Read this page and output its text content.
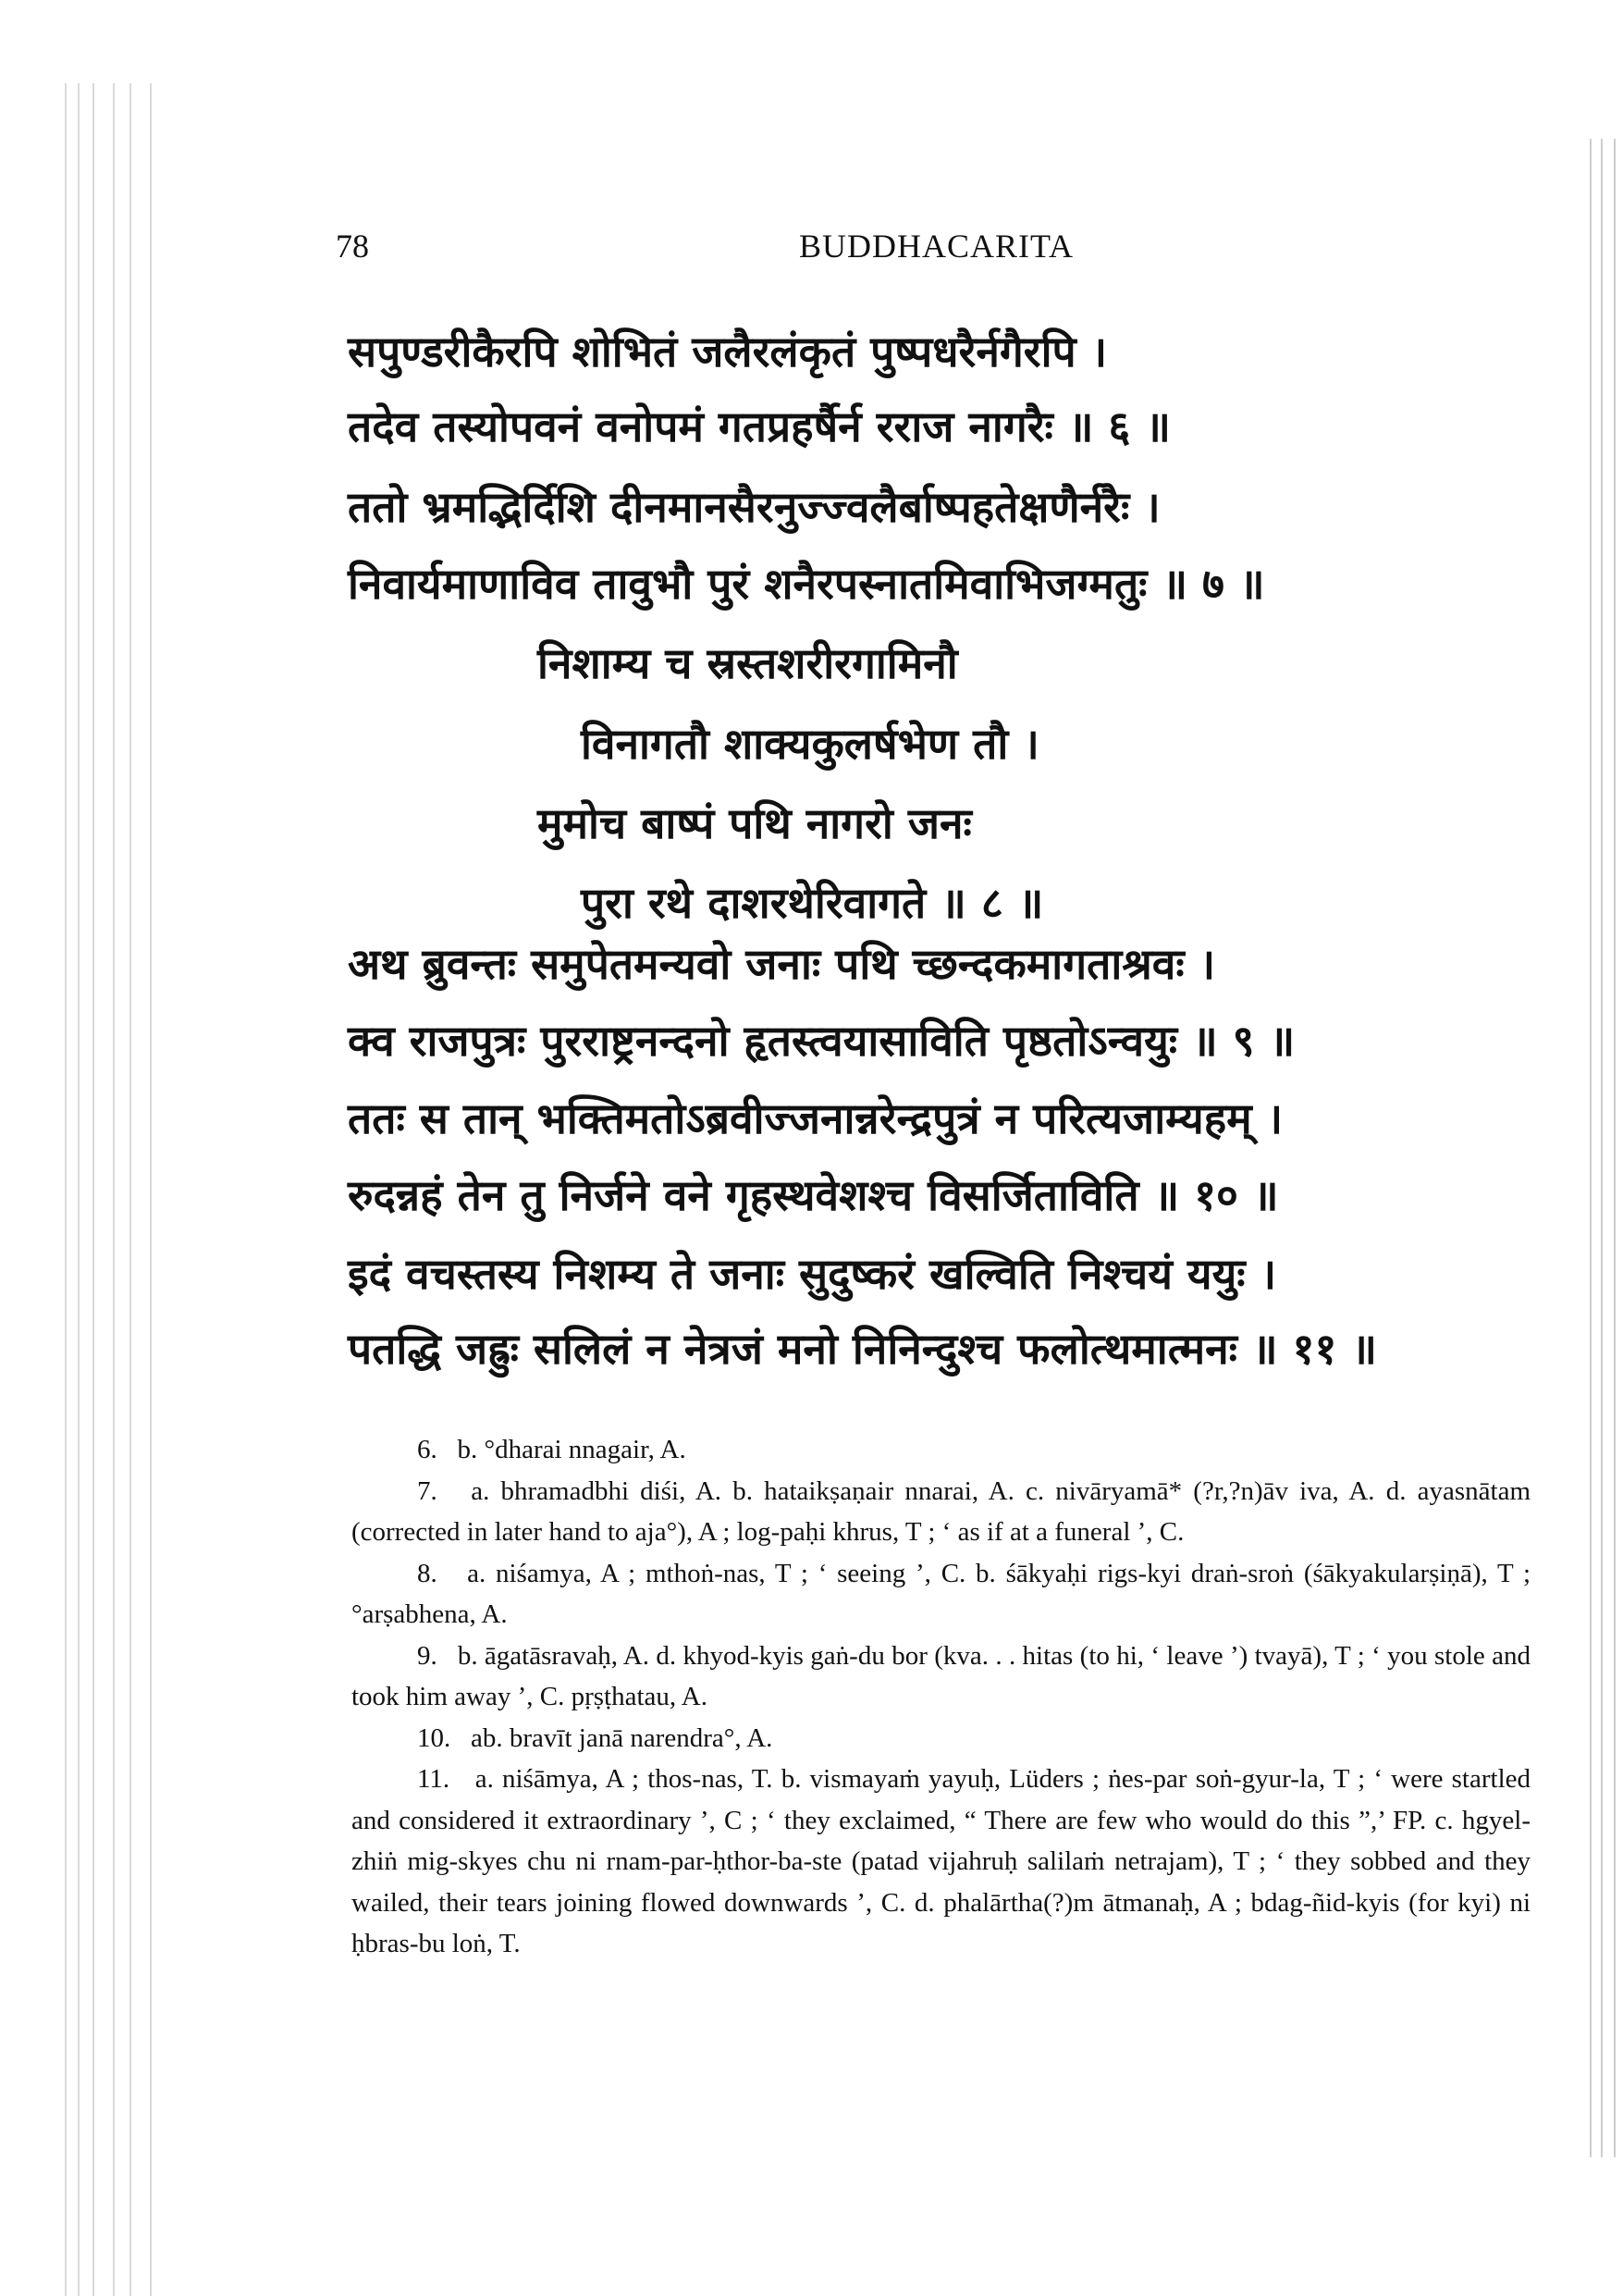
78	BUDDHACARITA
सपुण्डरीकैरपि शोभितं जलैरलंकृतं पुष्पधरैर्नगैरपि ।
तदेव तस्योपवनं वनोपमं गतप्रहर्षैर्न रराज नागरैः ॥ ६ ॥
ततो भ्रमद्भिर्दिशि दीनमानसैरनुज्ज्वलैर्बाष्पहतेक्षणैर्नरैः ।
निवार्यमाणाविव तावुभौ पुरं शनैरपस्नातमिवाभिजग्मतुः ॥ ७ ॥
निशाम्य च स्रस्तशरीरगामिनौ
विनागतौ शाक्यकुलर्षभेण तौ ।
मुमोच बाष्पं पथि नागरो जनः
पुरा रथे दाशरथेरिवागते ॥ ८ ॥
अथ ब्रुवन्तः समुपेतमन्यवो जनाः पथि च्छन्दकमागताश्रवः ।
क्व राजपुत्रः पुरराष्ट्रनन्दनो हृतस्त्वयासाविति पृष्ठतोऽन्वयुः ॥ ९ ॥
ततः स तान् भक्तिमतोऽब्रवीज्जनान्नरेन्द्रपुत्रं न परित्यजाम्यहम् ।
रुदन्नहं तेन तु निर्जने वने गृहस्थवेशश्च विसर्जिताविति ॥ १० ॥
इदं वचस्तस्य निशम्य ते जनाः सुदुष्करं खल्विति निश्चयं ययुः ।
पतद्धि जह्रुः सलिलं न नेत्रजं मनो निनिन्दुश्च फलोत्थमात्मनः ॥ ११ ॥
6. b. °dharai nnagair, A.
7. a. bhramadbhi diśi, A. b. hataikṣaṇair nnarai, A. c. nivāryamā* (?r,?n)āv iva, A. d. ayasnātam (corrected in later hand to aja°), A ; log-paḥi khrus, T ; ‘ as if at a funeral ’, C.
8. a. niśamya, A ; mthoṅ-nas, T ; ‘ seeing ’, C. b. śākyaḥi rigs-kyi draṅ-sroṅ (śākyakularṣiṇā), T ; °arṣabhena, A.
9. b. āgatāsravaḥ, A. d. khyod-kyis gaṅ-du bor (kva. . . hitas (to hi, ‘ leave ’) tvayā), T ; ‘ you stole and took him away ’, C. pṛṣṭhatau, A.
10. ab. bravīt janā narendra°, A.
11. a. niśāmya, A ; thos-nas, T. b. vismayaṁ yayuḥ, Lüders ; ṅes-par soṅ-gyur-la, T ; ‘ were startled and considered it extraordinary ’, C ; ‘ they exclaimed, “ There are few who would do this ”,’ FP. c. hgyel-zhiṅ mig-skyes chu ni rnam-par-ḥthor-ba-ste (patad vijahruḥ salilaṁ netrajam), T ; ‘ they sobbed and they wailed, their tears joining flowed downwards ’, C. d. phalārtha(?)m ātmanaḥ, A ; bdag-ñid-kyis (for kyi) ni ḥbras-bu loṅ, T.
